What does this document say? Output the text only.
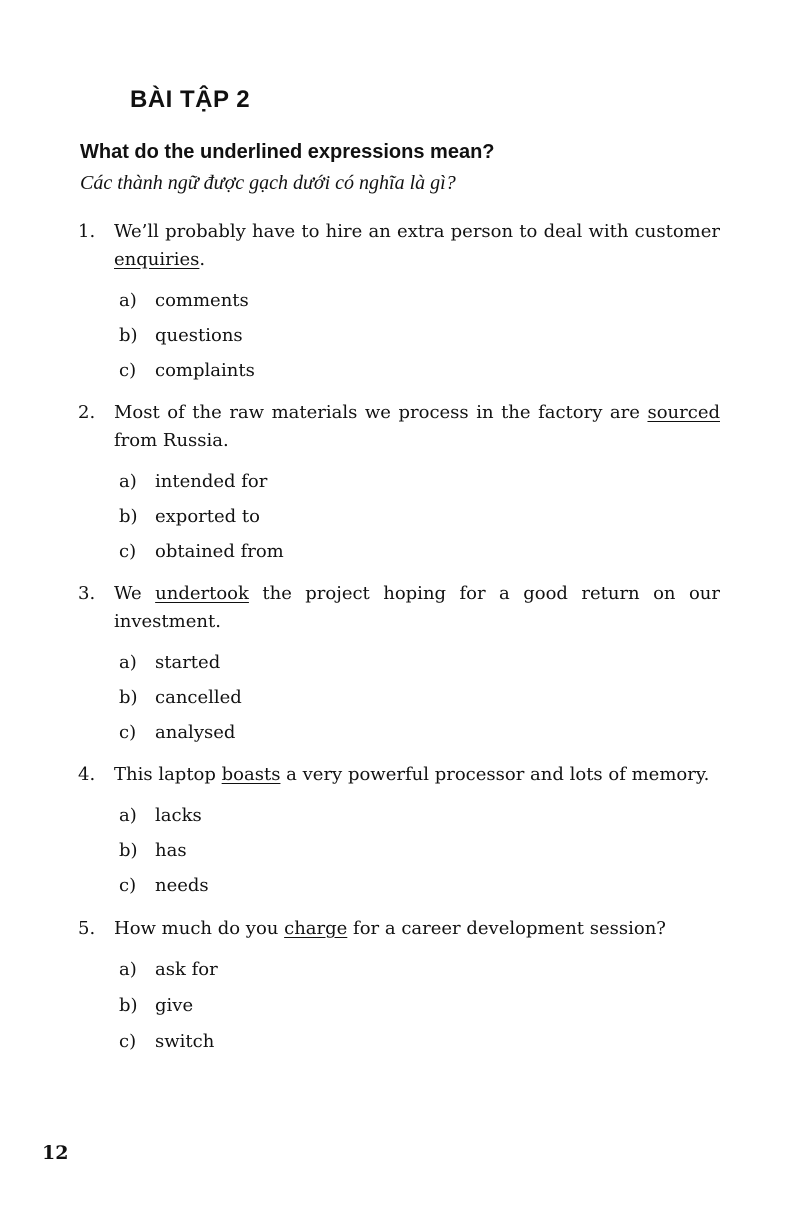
BÀI TẬP 2

What do the underlined expressions mean?

Các thành ngữ được gạch dưới có nghĩa là gì?

1. We’ll probably have to hire an extra person to deal with customer enquiries.
a) comments
b) questions
c) complaints
2. Most of the raw materials we process in the factory are sourced from Russia.
a) intended for
b) exported to
c) obtained from
3. We undertook the project hoping for a good return on our investment.
a) started
b) cancelled
c) analysed
4. This laptop boasts a very powerful processor and lots of memory.
a) lacks
b) has
c) needs
5. How much do you charge for a career development session?
a) ask for
b) give
c) switch
12
